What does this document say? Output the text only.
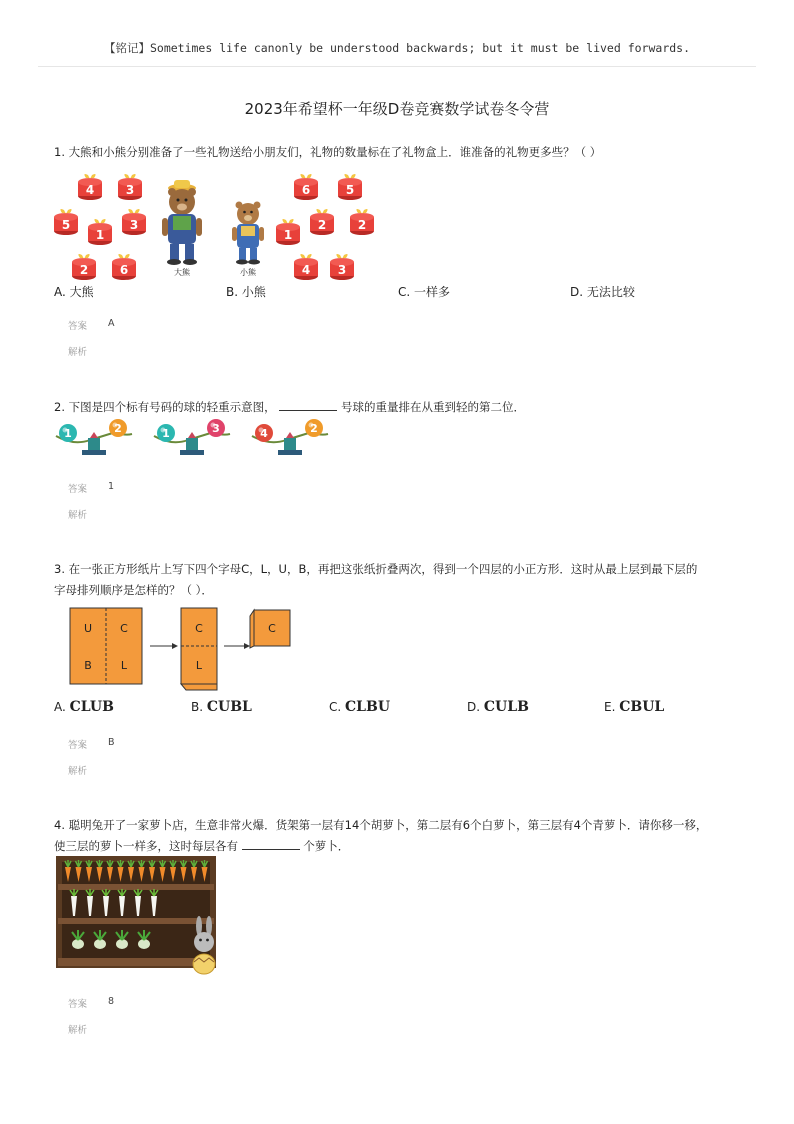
【铭记】Sometimes life canonly be understood backwards; but it must be lived forwards.
2023年希望杯一年级D卷竞赛数学试卷冬令营
1. 大熊和小熊分别准备了一些礼物送给小朋友们，礼物的数量标在了礼物盒上．谁准备的礼物更多些？（ ）
4	3
5
1
3
2	6
6	5
1
2	2
4 3
大熊	小熊
A. 大熊	B. 小熊	C. 一样多	D. 无法比较
答案 A
解析
2. 下图是四个标有号码的球的轻重示意图，	号球的重量排在从重到轻的第二位．
1	2	1	3	4	2
答案 1
解析
3. 在一张正方形纸片上写下四个字母C，L，U，B，再把这张纸折叠两次，得到一个四层的小正方形．这时从最上层到最下层的
字母排列顺序是怎样的？（ ）．
U	C
B	L
C
L
C
A. CLUB	B. CUBL	C. CLBU	D. CULB	E. CBUL
答案 B
解析
4. 聪明兔开了一家萝卜店，生意非常火爆．货架第一层有14个胡萝卜，第二层有6个白萝卜，第三层有4个青萝卜．请你移一移，
使三层的萝卜一样多，这时每层各有	个萝卜．
答案 8
解析
